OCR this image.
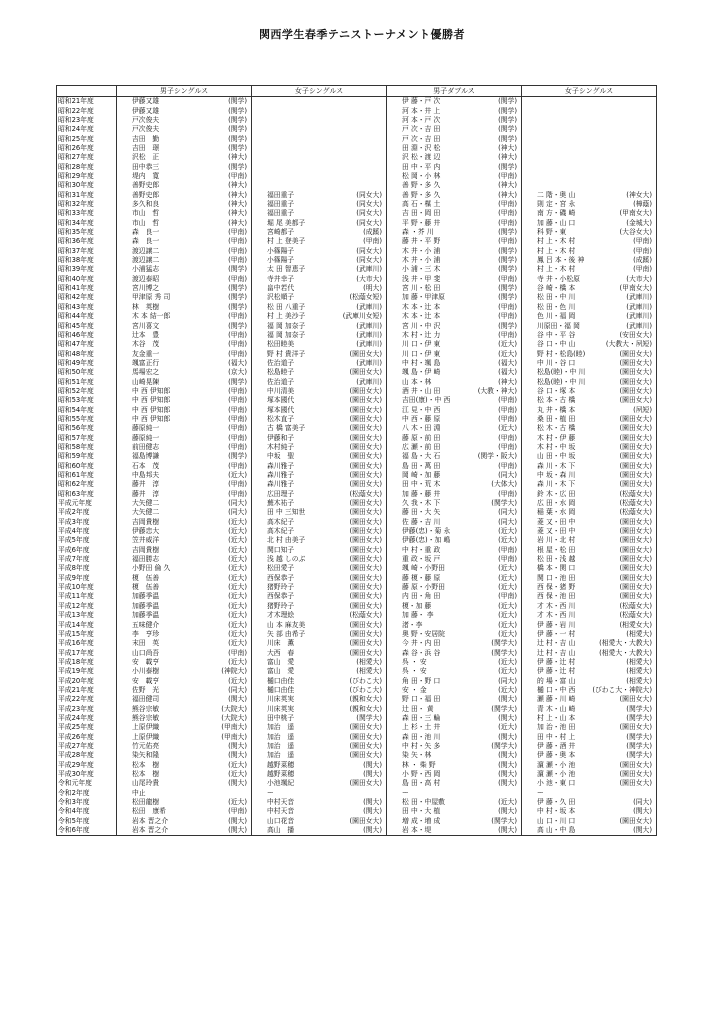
関西学生春季テニストーナメント優勝者
	男子シングルス	女子シングルス	男子ダブルス	女子シングルス
昭和21年度	伊藤又雄 (関学)		伊 藤・戸 次 (関学)	

昭和22年度	伊藤又雄 (関学)		河 本・井 上 (関学)	

昭和23年度	戸次俊夫 (関学)		河 本・戸 次 (関学)	

昭和24年度	戸次俊夫 (関学)		戸 次・吉 田 (関学)	

昭和25年度	吉田　勤 (関学)		戸 次・吉 田 (関学)	

昭和26年度	吉田　璟 (関学)		田 淵・沢 松 (神大)	

昭和27年度	沢松　正 (神大)		沢 松・渡 辺 (神大)	

昭和28年度	田中恭三 (関学)		田 中・平 内 (関学)	

昭和29年度	堤内　寛 (甲南)		松 岡・小 林 (甲南)	

昭和30年度	善野史郎 (神大)		善 野・多 久 (神大)	

昭和31年度	善野史郎 (神大)	福田重子 (同女大)	善 野・多 久 (神大)	二 階・奥 山 (神女大)

昭和32年度	多久和良 (神大)	福田重子 (同女大)	高 石・楳 土 (甲南)	則 定・宮 永 (樟蔭)

昭和33年度	市山　哲 (神大)	福田重子 (同女大)	吉 田・岡 田 (甲南)	南 方・磯 崎 (甲南女大)

昭和34年度	市山　哲 (神大)	堀 尾 美都子 (同女大)	平 野・藤 井 (甲南)	加 藤・山 口 (金城大)

昭和35年度	森　良一 (甲南)	宮崎都子 (成蹊)	森 ・芥 川 (関学)	科 野・東 (大谷女大)

昭和36年度	森　良一 (甲南)	村 上 登美子 (甲南)	藤 井・平 野 (甲南)	村 上・木 村 (甲南)

昭和37年度	渡辺譲二 (甲南)	小篠陽子 (同女大)	木 井・小 浦 (関学)	村 上・木 村 (甲南)

昭和38年度	渡辺譲二 (甲南)	小篠陽子 (同女大)	木 井・小 浦 (関学)	鳳 吕 本・後 神 (成蹊)

昭和39年度	小浦猛志 (関学)	太 田 智恵子 (武庫川)	小 浦・三 木 (関学)	村 上・木 村 (甲南)

昭和40年度	渡辺泰昭 (甲南)	寺井幸子 (大市大)	浅 井・甲 斐 (甲南)	寺 井・小松原 (大市大)

昭和41年度	宮川博之 (関学)	畠中若代 (明大)	宮 川・松 田 (関学)	谷 崎・橋 本 (甲南女大)

昭和42年度	甲津原 秀 司 (関学)	沢松順子 (松蔭女短)	加 藤・甲津原 (関学)	松 田・中 川 (武庫川)

昭和43年度	林　英樹 (関学)	松 田 八重子 (武庫川)	木 本・辻 本 (甲南)	松 田・色 川 (武庫川)

昭和44年度	木 本 結一郎 (甲南)	村 上 美沙子 (武庫川女短)	木 本・辻 本 (甲南)	色 川・福 岡 (武庫川)

昭和45年度	宮川喜文 (関学)	福 岡 加奈子 (武庫川)	宮 川・中 沢 (関学)	川原田・福 岡 (武庫川)

昭和46年度	辻本　豊 (甲南)	福 岡 加奈子 (武庫川)	木 村・辻 力 (甲南)	谷 中・平 谷 (安田女大)

昭和47年度	木谷　茂 (甲南)	松田睦美 (武庫川)	川 口・伊 東 (近大)	谷 口・中 山 (大教大・夙短)

昭和48年度	友金重一 (甲南)	野 村 貴洋子 (園田女大)	川 口・伊 東 (近大)	野 村・松島(睦) (園田女大)

昭和49年度	颯富正行 (福大)	佐治道子 (武庫川)	中 村・颯 島 (福大)	中 川・谷 口 (園田女大)

昭和50年度	馬場宏之 (京大)	松島睦子 (園田女大)	颯 島・伊 崎 (福大)	松島(睦)・中 川 (園田女大)

昭和51年度	山崎晃陳 (関学)	佐治道子 (武庫川)	山 本・林 (神大)	松島(睦)・中 川 (園田女大)

昭和52年度	中 西 伊知郎 (甲南)	中川清美 (園田女大)	酒 井・山 田 (大教・神大)	谷 口・塚 本 (園田女大)

昭和53年度	中 西 伊知郎 (甲南)	塚本國代 (園田女大)	吉田(康)・中 西 (甲南)	松 本・古 橋 (園田女大)

昭和54年度	中 西 伊知郎 (甲南)	塚本國代 (園田女大)	江 見・中 西 (甲南)	丸 井・橋 本 (夙短)

昭和55年度	中 西 伊知郎 (甲南)	松木直子 (園田女大)	中 西・藤 原 (甲南)	桑 田・植 田 (園田女大)

昭和56年度	藤原純一 (甲南)	古 橋 富美子 (園田女大)	八 木・田 淵 (近大)	松 木・古 橋 (園田女大)

昭和57年度	藤原純一 (甲南)	伊藤和子 (園田女大)	藤 原・前 田 (甲南)	木 村・伊 藤 (園田女大)

昭和58年度	前田健志 (甲南)	木村純子 (園田女大)	広 瀬・前 田 (甲南)	木 村・中 坂 (園田女大)

昭和59年度	福島博謙 (関学)	中坂　聖 (園田女大)	福 島・大 石 (関学・阪大)	山 田・中 坂 (園田女大)

昭和60年度	石本　茂 (甲南)	森川雅子 (園田女大)	島 田・萬 田 (甲南)	森 川・木 下 (園田女大)

昭和61年度	中島邦夫 (近大)	森川雅子 (園田女大)	岡 崎・加 藤 (同大)	中 坂・森 川 (園田女大)

昭和62年度	藤井　淳 (甲南)	森川雅子 (園田女大)	田 中・荒 木 (大体大)	森 川・木 下 (園田女大)

昭和63年度	藤井　淳 (甲南)	広田理子 (松蔭女大)	加 藤・藤 井 (甲南)	鈴 木・広 田 (松蔭女大)

平成元年度	大矢健二 (同大)	蕪木祐子 (園田女大)	久 我・木 下 (関学大)	広 田・水 岡 (松蔭女大)

平成2年度	大矢健二 (同大)	田 中 三知世 (園田女大)	藤 田・大 矢 (同大)	稲 葉・水 岡 (松蔭女大)

平成3年度	吉岡貴樹 (近大)	高木紀子 (園田女大)	佐 藤・吉 川 (同大)	菱 又・田 中 (園田女大)

平成4年度	伊藤忠大 (近大)	高木紀子 (園田女大)	伊藤(忠)・菊 永 (近大)	菱 又・田 中 (園田女大)

平成5年度	笠井威洋 (近大)	北 村 由美子 (園田女大)	伊藤(忠)・加 嶋 (近大)	岩 川・北 村 (園田女大)

平成6年度	吉岡貴樹 (近大)	関口知子 (園田女大)	中 村・重 政 (甲南)	根 屋・松 田 (園田女大)

平成7年度	福田勝志 (近大)	浅 越 しのぶ (園田女大)	重 政・坂 戸 (甲南)	松 田・浅 越 (園田女大)

平成8年度	小野田 倫 久 (近大)	松田愛子 (園田女大)	颯 崎・小野田 (近大)	橋 本・関 口 (園田女大)

平成9年度	榎　伍善 (近大)	西保恭子 (園田女大)	藤 榎・藤 原 (近大)	関 口・池 田 (園田女大)

平成10年度	榎　伍善 (近大)	猪野玲子 (園田女大)	藤 原・小野田 (近大)	西 保・猪 野 (園田女大)

平成11年度	加藤季温 (近大)	西保恭子 (園田女大)	内 田・角 田 (甲南)	西 保・池 田 (園田女大)

平成12年度	加藤季温 (近大)	猪野玲子 (園田女大)	榎・加 藤 (近大)	才 木・西 川 (松蔭女大)

平成13年度	加藤季温 (近大)	才木理絵 (松蔭女大)	加 藤・ 李 (近大)	才 木・西 川 (松蔭女大)

平成14年度	五味健介 (近大)	山 本 麻友美 (園田女大)	渚・李 (近大)	伊 藤・岩 川 (相愛女大)

平成15年度	李　亨珍 (近大)	矢 部 由希子 (園田女大)	奥 野・安居院 (近大)	伊 藤・一 村 (相愛大)

平成16年度	末田　英 (近大)	川床　薫 (園田女大)	今 井・内 田 (関学大)	辻 村・吉 山 (相愛大・大教大)

平成17年度	山口尚吾 (甲南)	大西　春 (園田女大)	森 谷・浜 谷 (関学大)	辻 村・吉 山 (相愛大・大教大)

平成18年度	安　載亨 (近大)	富山　愛 (相愛大)	呉 ・ 安 (近大)	伊 藤・辻 村 (相愛大)

平成19年度	小川泰樹 (神院大)	富山　愛 (相愛大)	呉 ・ 安 (近大)	伊 藤・辻 村 (相愛大)

平成20年度	安　載亨 (近大)	樋口由佳 (びわこ大)	角 田・野 口 (同大)	的 場・富 山 (相愛大)

平成21年度	佐野　光 (同大)	樋口由佳 (びわこ大)	安 ・ 金 (近大)	樋 口・中 西 (びわこ大・神院大)

平成22年度	福田健司 (関大)	川床英実 (親和女大)	野 口・福 田 (関大)	瀬 藤・川 崎 (園田女大)

平成23年度	熊谷宗敏 (大院大)	川床英実 (親和女大)	辻 田・ 黄 (関学大)	青 木・山 崎 (関学大)

平成24年度	熊谷宗敏 (大院大)	田中桃子 (関学大)	森 田・三 輪 (関大)	村 上・山 本 (関学大)

平成25年度	上原伊織 (甲南大)	加治　遥 (園田女大)	上 杉・土 井 (近大)	加 治・池 田 (園田女大)

平成26年度	上原伊織 (甲南大)	加治　遥 (園田女大)	森 田・池 川 (関大)	田 中・村 上 (関学大)

平成27年度	竹元佑亮 (関大)	加治　遥 (園田女大)	中 村・矢 多 (関学大)	伊 藤・酒 井 (関学大)

平成28年度	染矢和隆 (関大)	加治　遥 (園田女大)	染 矢・林 (関大)	伊 藤・奥 本 (関学大)

平成29年度	松本　樹 (近大)	越野菜穂 (関大)	林 ・ 柴 野 (関大)	濵 瀬・小 池 (園田女大)

平成30年度	松本　樹 (近大)	越野菜穂 (関大)	小 野・西 岡 (関大)	濵 瀬・小 池 (園田女大)

令和元年度	山尾玲貴 (関大)	小池颯紀 (園田女大)	島 田・高 村 (関大)	小 池・東 口 (園田女大)

令和2年度	中止	ー	ー	ー

令和3年度	松田龍樹 (近大)	中村天音 (関大)	松 田・中屋敷 (近大)	伊 藤・久 田 (同大)

令和4年度	松田　康希 (甲南)	中村天音 (関大)	田 中・大 植 (関大)	中 村・坂 本 (関大)

令和5年度	岩本 晋之介 (関大)	山口花音 (園田女大)	増 成・増 成 (関学大)	山 口・川 口 (園田女大)

令和6年度	岩本 晋之介 (関大)	高山　播 (関大)	岩 本・堤 (関大)	高 山・中 島 (関大)
